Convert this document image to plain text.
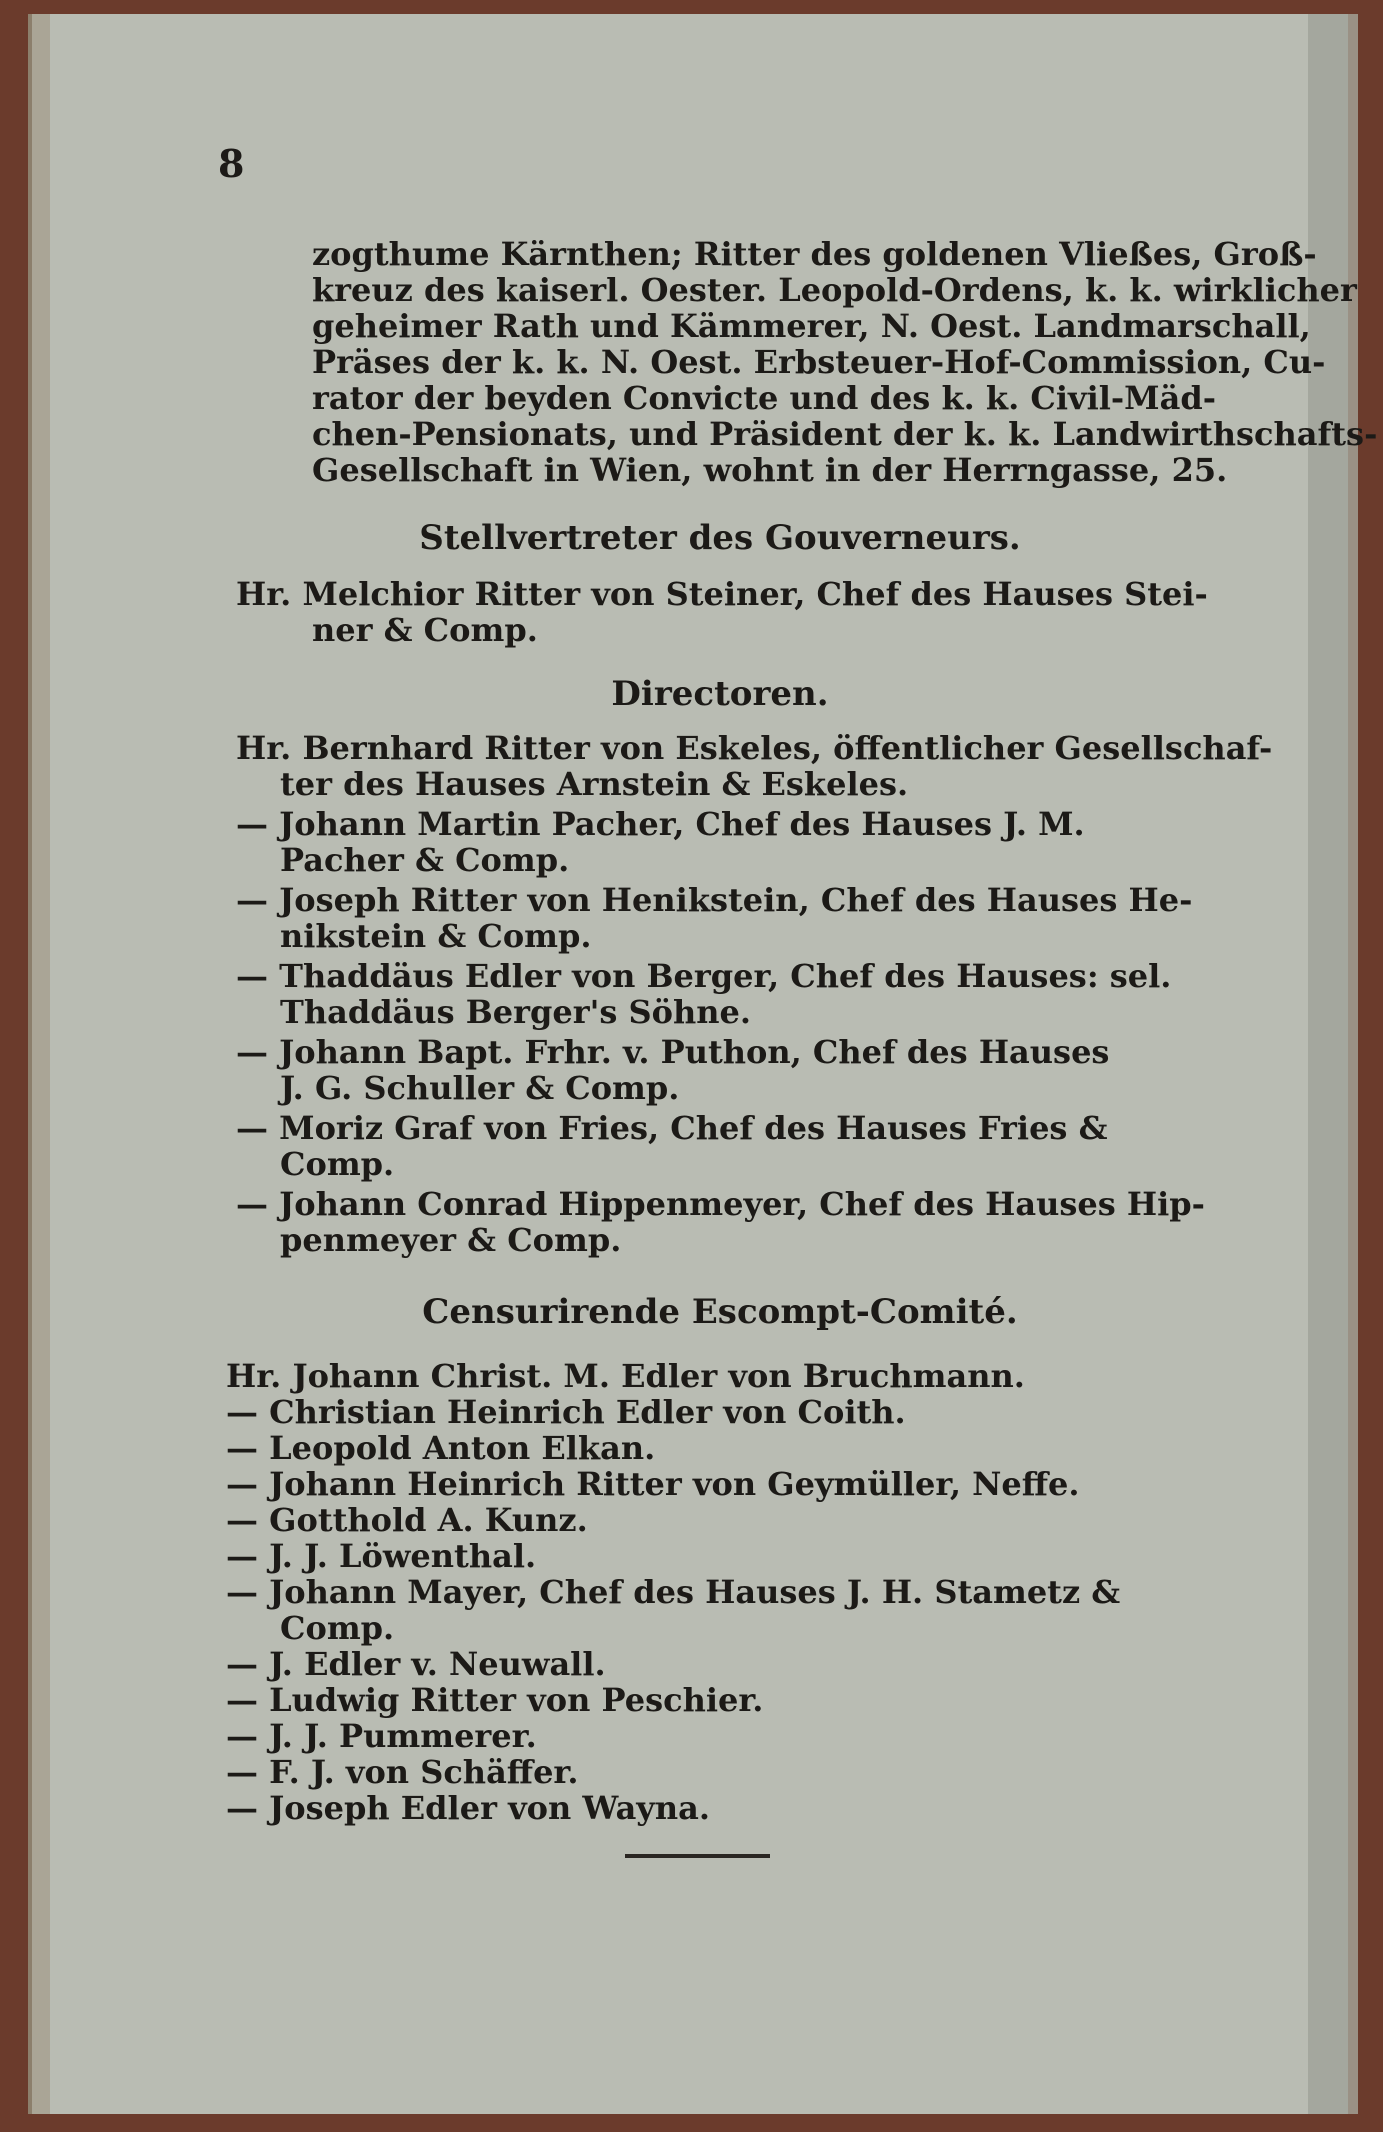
8
zogthume Kärnthen; Ritter des goldenen Vließes, Groß-
kreuz des kaiserl. Oester. Leopold-Ordens, k. k. wirklicher
geheimer Rath und Kämmerer, N. Oest. Landmarschall,
Präses der k. k. N. Oest. Erbsteuer-Hof-Commission, Cu-
rator der beyden Convicte und des k. k. Civil-Mäd-
chen-Pensionats, und Präsident der k. k. Landwirthschafts-
Gesellschaft in Wien, wohnt in der Herrngasse, 25.
Stellvertreter des Gouverneurs.
Hr. Melchior Ritter von Steiner, Chef des Hauses Stei-
ner & Comp.
Directoren.
Hr. Bernhard Ritter von Eskeles, öffentlicher Gesellschaf-
ter des Hauses Arnstein & Eskeles.
— Johann Martin Pacher, Chef des Hauses J. M.
Pacher & Comp.
— Joseph Ritter von Henikstein, Chef des Hauses He-
nikstein & Comp.
— Thaddäus Edler von Berger, Chef des Hauses: sel.
Thaddäus Berger's Söhne.
— Johann Bapt. Frhr. v. Puthon, Chef des Hauses
J. G. Schuller & Comp.
— Moriz Graf von Fries, Chef des Hauses Fries &
Comp.
— Johann Conrad Hippenmeyer, Chef des Hauses Hip-
penmeyer & Comp.
Censurirende Escompt-Comité.
Hr. Johann Christ. M. Edler von Bruchmann.
— Christian Heinrich Edler von Coith.
— Leopold Anton Elkan.
— Johann Heinrich Ritter von Geymüller, Neffe.
— Gotthold A. Kunz.
— J. J. Löwenthal.
— Johann Mayer, Chef des Hauses J. H. Stametz &
Comp.
— J. Edler v. Neuwall.
— Ludwig Ritter von Peschier.
— J. J. Pummerer.
— F. J. von Schäffer.
— Joseph Edler von Wayna.
